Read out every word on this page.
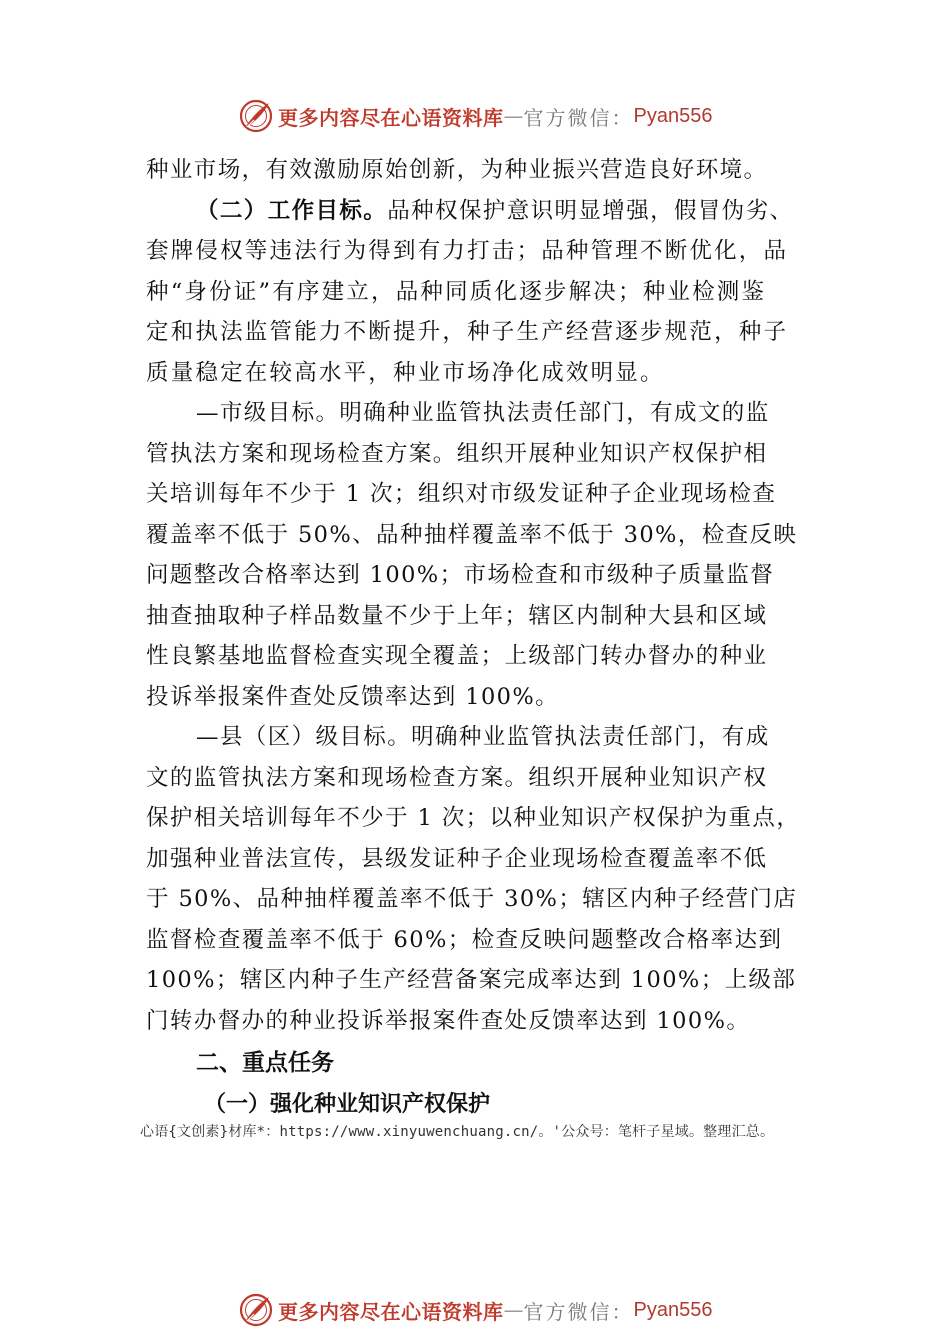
更多内容尽在心语资料库 — 官方微信： Pyan556
种业市场，有效激励原始创新，为种业振兴营造良好环境。
（二）工作目标。品种权保护意识明显增强，假冒伪劣、
套牌侵权等违法行为得到有力打击；品种管理不断优化，品
种“身份证”有序建立，品种同质化逐步解决；种业检测鉴
定和执法监管能力不断提升，种子生产经营逐步规范，种子
质量稳定在较高水平，种业市场净化成效明显。
—市级目标。明确种业监管执法责任部门，有成文的监
管执法方案和现场检查方案。组织开展种业知识产权保护相
关培训每年不少于 1 次；组织对市级发证种子企业现场检查
覆盖率不低于 50%、品种抽样覆盖率不低于 30%，检查反映
问题整改合格率达到 100%；市场检查和市级种子质量监督
抽查抽取种子样品数量不少于上年；辖区内制种大县和区域
性良繁基地监督检查实现全覆盖；上级部门转办督办的种业
投诉举报案件查处反馈率达到 100%。
—县（区）级目标。明确种业监管执法责任部门，有成
文的监管执法方案和现场检查方案。组织开展种业知识产权
保护相关培训每年不少于 1 次；以种业知识产权保护为重点，
加强种业普法宣传，县级发证种子企业现场检查覆盖率不低
于 50%、品种抽样覆盖率不低于 30%；辖区内种子经营门店
监督检查覆盖率不低于 60%；检查反映问题整改合格率达到
100%；辖区内种子生产经营备案完成率达到 100%；上级部
门转办督办的种业投诉举报案件查处反馈率达到 100%。
二、重点任务
（一）强化种业知识产权保护
心语{文创素}材库*：https://www.xinyuwenchuang.cn/。'公众号：笔杆子星域。整理汇总。
更多内容尽在心语资料库 — 官方微信： Pyan556
